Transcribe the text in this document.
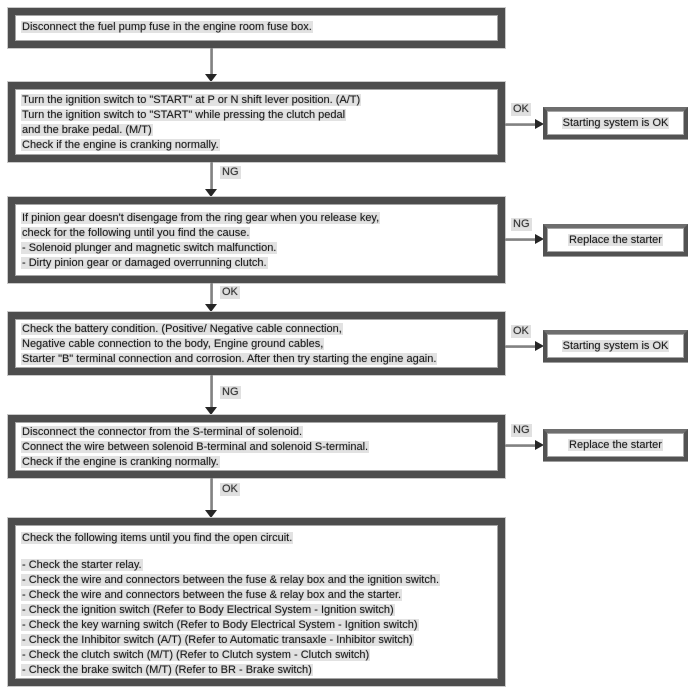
Disconnect the fuel pump fuse in the engine room fuse box.
Turn the ignition switch to "START" at P or N shift lever position. (A/T)
Turn the ignition switch to "START" while pressing the clutch pedal
and the brake pedal. (M/T)
Check if the engine is cranking normally.
OK
Starting system is OK
NG
If pinion gear doesn't disengage from the ring gear when you release key,
check for the following until you find the cause.
- Solenoid plunger and magnetic switch malfunction.
- Dirty pinion gear or damaged overrunning clutch.
NG
Replace the starter
OK
Check the battery condition. (Positive/ Negative cable connection,
Negative cable connection to the body, Engine ground cables,
Starter "B" terminal connection and corrosion. After then try starting the engine again.
OK
Starting system is OK
NG
Disconnect the connector from the S-terminal of solenoid.
Connect the wire between solenoid B-terminal and solenoid S-terminal.
Check if the engine is cranking normally.
NG
Replace the starter
OK
Check the following items until you find the open circuit.
- Check the starter relay.
- Check the wire and connectors between the fuse & relay box and the ignition switch.
- Check the wire and connectors between the fuse & relay box and the starter.
- Check the ignition switch (Refer to Body Electrical System - Ignition switch)
- Check the key warning switch (Refer to Body Electrical System - Ignition switch)
- Check the Inhibitor switch (A/T) (Refer to Automatic transaxle - Inhibitor switch)
- Check the clutch switch (M/T) (Refer to Clutch system - Clutch switch)
- Check the brake switch (M/T) (Refer to BR - Brake switch)
